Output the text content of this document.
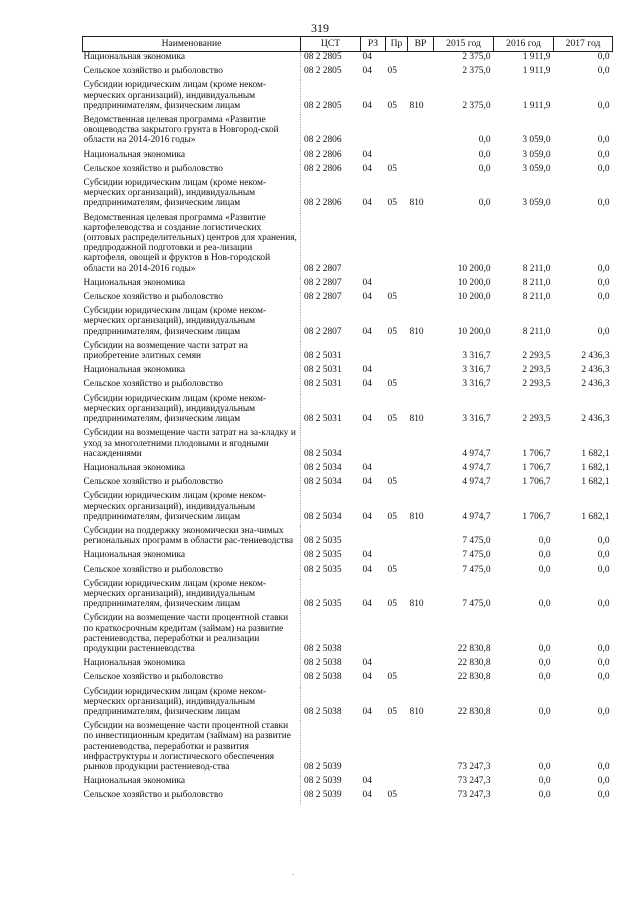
319
Наименование	ЦСТ	РЗ	Пр	ВР	2015 год	2016 год	2017 год
Национальная экономика	08 2 2805	04			2 375,0	1 911,9	0,0
Сельское хозяйство и рыболовство	08 2 2805	04	05		2 375,0	1 911,9	0,0
Субсидии юридическим лицам (кроме неком-мерческих организаций), индивидуальным предпринимателям, физическим лицам	08 2 2805	04	05	810	2 375,0	1 911,9	0,0
Ведомственная целевая программа «Развитие овощеводства закрытого грунта в Новгород-ской области на 2014-2016 годы»	08 2 2806				0,0	3 059,0	0,0
Национальная экономика	08 2 2806	04			0,0	3 059,0	0,0
Сельское хозяйство и рыболовство	08 2 2806	04	05		0,0	3 059,0	0,0
Субсидии юридическим лицам (кроме неком-мерческих организаций), индивидуальным предпринимателям, физическим лицам	08 2 2806	04	05	810	0,0	3 059,0	0,0
Ведомственная целевая программа «Развитие картофелеводства и создание логистических (оптовых распределительных) центров для хранения, предпродажной подготовки и реа-лизации картофеля, овощей и фруктов в Нов-городской области на 2014-2016 годы»	08 2 2807				10 200,0	8 211,0	0,0
Национальная экономика	08 2 2807	04			10 200,0	8 211,0	0,0
Сельское хозяйство и рыболовство	08 2 2807	04	05		10 200,0	8 211,0	0,0
Субсидии юридическим лицам (кроме неком-мерческих организаций), индивидуальным предпринимателям, физическим лицам	08 2 2807	04	05	810	10 200,0	8 211,0	0,0
Субсидии на возмещение части затрат на приобретение элитных семян	08 2 5031				3 316,7	2 293,5	2 436,3
Национальная экономика	08 2 5031	04			3 316,7	2 293,5	2 436,3
Сельское хозяйство и рыболовство	08 2 5031	04	05		3 316,7	2 293,5	2 436,3
Субсидии юридическим лицам (кроме неком-мерческих организаций), индивидуальным предпринимателям, физическим лицам	08 2 5031	04	05	810	3 316,7	2 293,5	2 436,3
Субсидии на возмещение части затрат на за-кладку и уход за многолетними плодовыми и ягодными насаждениями	08 2 5034				4 974,7	1 706,7	1 682,1
Национальная экономика	08 2 5034	04			4 974,7	1 706,7	1 682,1
Сельское хозяйство и рыболовство	08 2 5034	04	05		4 974,7	1 706,7	1 682,1
Субсидии юридическим лицам (кроме неком-мерческих организаций), индивидуальным предпринимателям, физическим лицам	08 2 5034	04	05	810	4 974,7	1 706,7	1 682,1
Субсидии на поддержку экономически зна-чимых региональных программ в области рас-тениеводства	08 2 5035				7 475,0	0,0	0,0
Национальная экономика	08 2 5035	04			7 475,0	0,0	0,0
Сельское хозяйство и рыболовство	08 2 5035	04	05		7 475,0	0,0	0,0
Субсидии юридическим лицам (кроме неком-мерческих организаций), индивидуальным предпринимателям, физическим лицам	08 2 5035	04	05	810	7 475,0	0,0	0,0
Субсидии на возмещение части процентной ставки по краткосрочным кредитам (займам) на развитие растениеводства, переработки и реализации продукции растениеводства	08 2 5038				22 830,8	0,0	0,0
Национальная экономика	08 2 5038	04			22 830,8	0,0	0,0
Сельское хозяйство и рыболовство	08 2 5038	04	05		22 830,8	0,0	0,0
Субсидии юридическим лицам (кроме неком-мерческих организаций), индивидуальным предпринимателям, физическим лицам	08 2 5038	04	05	810	22 830,8	0,0	0,0
Субсидии на возмещение части процентной ставки по инвестиционным кредитам (займам) на развитие растениеводства, переработки и развития инфраструктуры и логистического обеспечения рынков продукции растениевод-ства	08 2 5039				73 247,3	0,0	0,0
Национальная экономика	08 2 5039	04			73 247,3	0,0	0,0
Сельское хозяйство и рыболовство	08 2 5039	04	05		73 247,3	0,0	0,0
.
